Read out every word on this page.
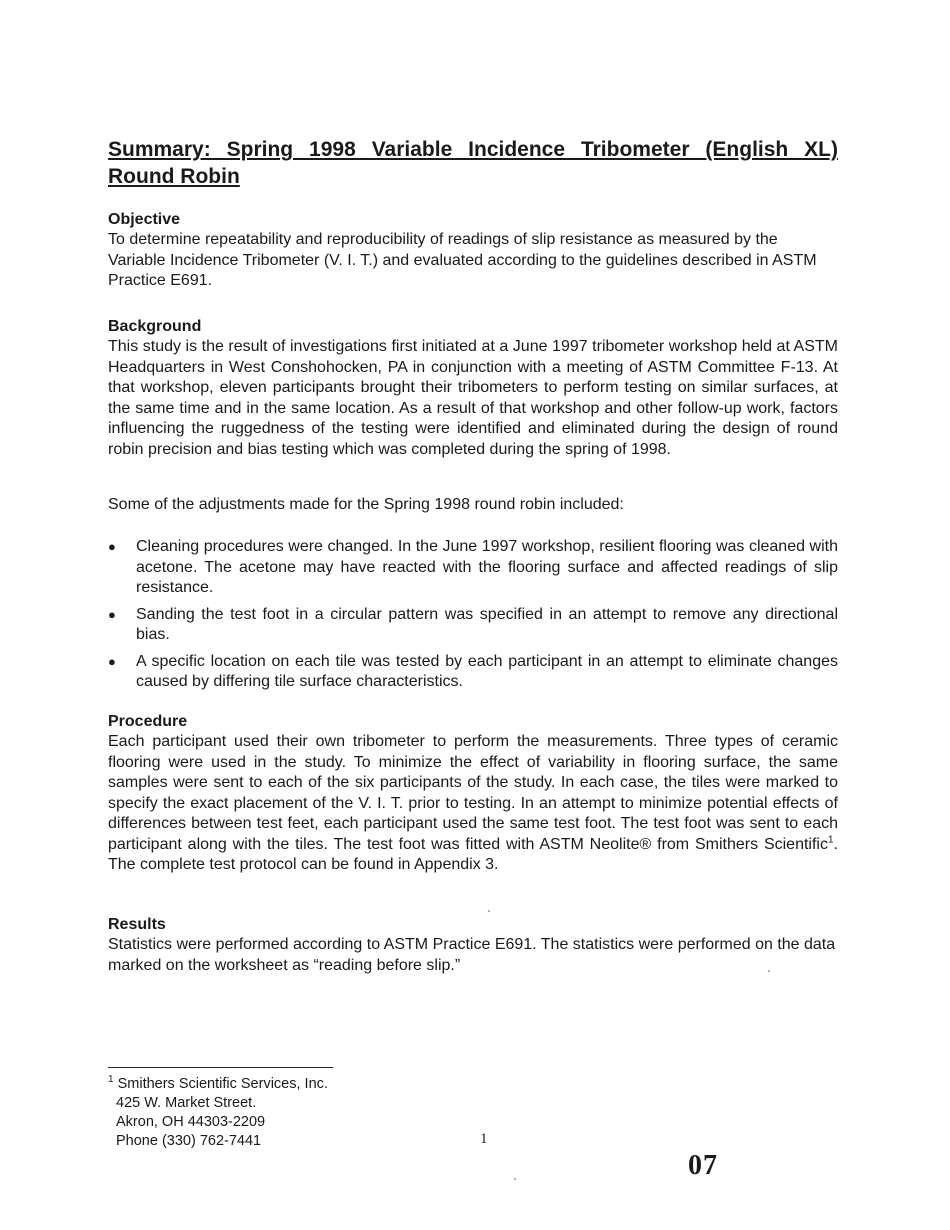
Summary: Spring 1998 Variable Incidence Tribometer (English XL)
Round Robin

Objective

To determine repeatability and reproducibility of readings of slip resistance as measured by the Variable Incidence Tribometer (V. I. T.) and evaluated according to the guidelines described in ASTM Practice E691.

Background

This study is the result of investigations first initiated at a June 1997 tribometer workshop held at ASTM Headquarters in West Conshohocken, PA in conjunction with a meeting of ASTM Committee F-13. At that workshop, eleven participants brought their tribometers to perform testing on similar surfaces, at the same time and in the same location. As a result of that workshop and other follow-up work, factors influencing the ruggedness of the testing were identified and eliminated during the design of round robin precision and bias testing which was completed during the spring of 1998.

Some of the adjustments made for the Spring 1998 round robin included:

● Cleaning procedures were changed. In the June 1997 workshop, resilient flooring was cleaned with acetone. The acetone may have reacted with the flooring surface and affected readings of slip resistance.
● Sanding the test foot in a circular pattern was specified in an attempt to remove any directional bias.
● A specific location on each tile was tested by each participant in an attempt to eliminate changes caused by differing tile surface characteristics.

Procedure

Each participant used their own tribometer to perform the measurements. Three types of ceramic flooring were used in the study. To minimize the effect of variability in flooring surface, the same samples were sent to each of the six participants of the study. In each case, the tiles were marked to specify the exact placement of the V. I. T. prior to testing. In an attempt to minimize potential effects of differences between test feet, each participant used the same test foot. The test foot was sent to each participant along with the tiles. The test foot was fitted with ASTM Neolite® from Smithers Scientific$^1$. The complete test protocol can be found in Appendix 3.

Results

Statistics were performed according to ASTM Practice E691. The statistics were performed on the data marked on the worksheet as “reading before slip.”

$^1$ Smithers Scientific Services, Inc.
425 W. Market Street.
Akron, OH 44303-2209
Phone (330) 762-7441	1
07
